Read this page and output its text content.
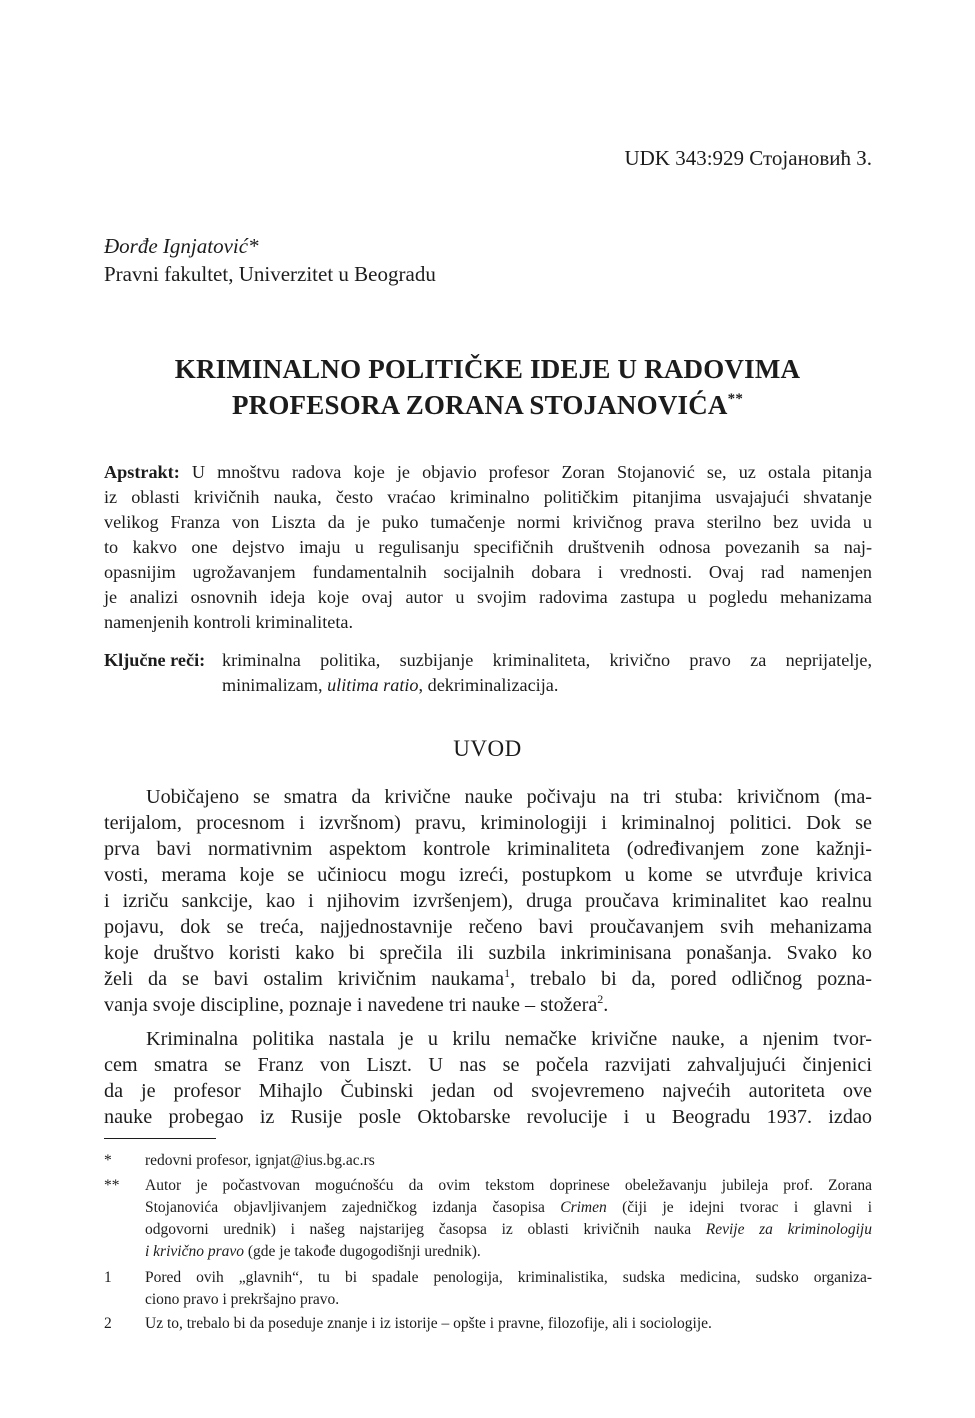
UDK 343:929 Стојановић З.
Đorđe Ignjatović*
Pravni fakultet, Univerzitet u Beogradu
KRIMINALNO POLITIČKE IDEJE U RADOVIMA
PROFESORA ZORANA STOJANOVIĆA**
Apstrakt: U mnoštvu radova koje je objavio profesor Zoran Stojanović se, uz ostala pitanja
iz oblasti krivičnih nauka, često vraćao kriminalno političkim pitanjima usvajajući shvatanje
velikog Franza von Liszta da je puko tumačenje normi krivičnog prava sterilno bez uvida u
to kakvo one dejstvo imaju u regulisanju specifičnih društvenih odnosa povezanih sa naj-
opasnijim ugrožavanjem fundamentalnih socijalnih dobara i vrednosti. Ovaj rad namenjen
je analizi osnovnih ideja koje ovaj autor u svojim radovima zastupa u pogledu mehanizama
namenjenih kontroli kriminaliteta.
Ključne reči: kriminalna politika, suzbijanje kriminaliteta, krivično pravo za neprijatelje,
minimalizam, ulitima ratio, dekriminalizacija.
UVOD
Uobičajeno se smatra da krivične nauke počivaju na tri stuba: krivičnom (ma-
terijalom, procesnom i izvršnom) pravu, kriminologiji i kriminalnoj politici. Dok se
prva bavi normativnim aspektom kontrole kriminaliteta (određivanjem zone kažnji-
vosti, merama koje se učiniocu mogu izreći, postupkom u kome se utvrđuje krivica
i izriču sankcije, kao i njihovim izvršenjem), druga proučava kriminalitet kao realnu
pojavu, dok se treća, najjednostavnije rečeno bavi proučavanjem svih mehanizama
koje društvo koristi kako bi sprečila ili suzbila inkriminisana ponašanja. Svako ko
želi da se bavi ostalim krivičnim naukama$^1$, trebalo bi da, pored odličnog pozna-
vanja svoje discipline, poznaje i navedene tri nauke – stožera$^2$.
Kriminalna politika nastala je u krilu nemačke krivične nauke, a njenim tvor-
cem smatra se Franz von Liszt. U nas se počela razvijati zahvaljujući činjenici
da je profesor Mihajlo Čubinski jedan od svojevremeno najvećih autoriteta ove
nauke probegao iz Rusije posle Oktobarske revolucije i u Beogradu 1937. izdao
* redovni profesor, ignjat@ius.bg.ac.rs
** Autor je počastvovan mogućnošću da ovim tekstom doprinese obeležavanju jubileja prof. Zorana
Stojanovića objavljivanjem zajedničkog izdanja časopisa Crimen (čiji je idejni tvorac i glavni i
odgovorni urednik) i našeg najstarijeg časopsa iz oblasti krivičnih nauka Revije za kriminologiju
i krivično pravo (gde je takođe dugogodišnji urednik).
1 Pored ovih „glavnih“, tu bi spadale penologija, kriminalistika, sudska medicina, sudsko organiza-
ciono pravo i prekršajno pravo.
2 Uz to, trebalo bi da poseduje znanje i iz istorije – opšte i pravne, filozofije, ali i sociologije.
